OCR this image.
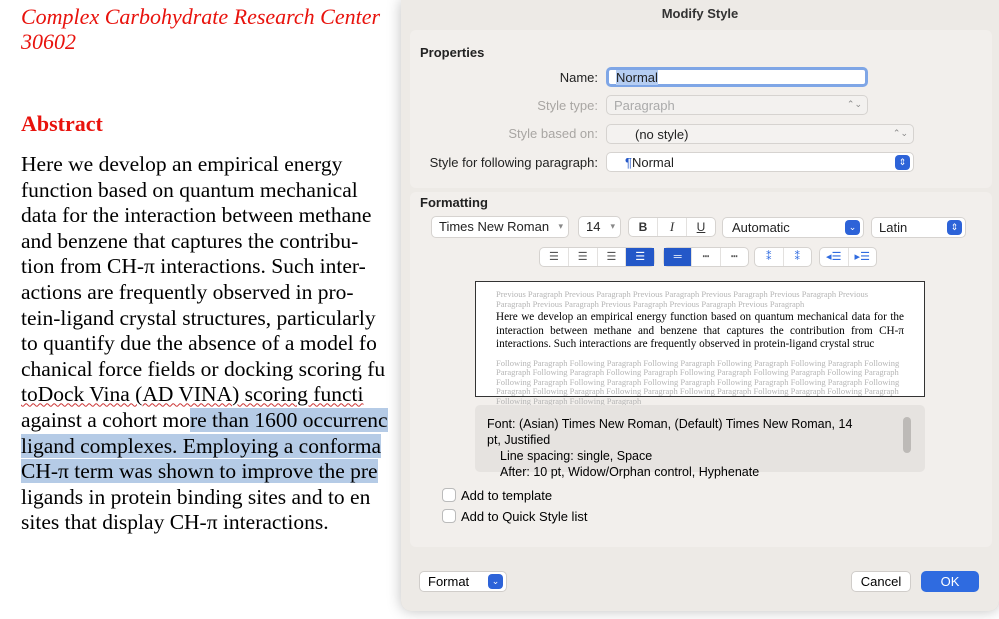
Complex Carbohydrate Research Center
30602
Abstract
Here we develop an empirical energy
function based on quantum mechanical
data for the interaction between methane
and benzene that captures the contribu-
tion from CH-π interactions. Such inter-
actions are frequently observed in pro-
tein-ligand crystal structures, particularly
to quantify due the absence of a model fo
chanical force fields or docking scoring fu
toDock Vina (AD VINA) scoring functi
against a cohort more than 1600 occurrenc
ligand complexes. Employing a conforma
CH-π term was shown to improve the pre
ligands in protein binding sites and to en
sites that display CH-π interactions.
Modify Style
Properties
Name:	Normal
Style type:	Paragraph	⌃⌄
Style based on:	(no style)	⌃⌄
Style for following paragraph:	¶Normal	⇕
Formatting
Times New Roman ▾	14 ▾	B	I	U	Automatic	⌄	Latin	⇕
☰	☰	☰	☰	═	┅	┅	⁑	⁑	◂☰	▸☰
Previous Paragraph Previous Paragraph Previous Paragraph Previous Paragraph Previous Paragraph Previous Paragraph Previous Paragraph Previous Paragraph Previous Paragraph Previous Paragraph
Here we develop an empirical energy function based on quantum mechanical data for the interaction between methane and benzene that captures the contribution from CH-π interactions. Such interactions are frequently observed in protein-ligand crystal struc
Following Paragraph Following Paragraph Following Paragraph Following Paragraph Following Paragraph Following Paragraph Following Paragraph Following Paragraph Following Paragraph Following Paragraph Following Paragraph Following Paragraph Following Paragraph Following Paragraph Following Paragraph Following Paragraph Following Paragraph Following Paragraph Following Paragraph Following Paragraph Following Paragraph Following Paragraph Following Paragraph Following Paragraph
Font: (Asian) Times New Roman, (Default) Times New Roman, 14 pt, Justified
Line spacing: single, Space
After: 10 pt, Widow/Orphan control, Hyphenate
Add to template
Add to Quick Style list
Format	⌄	Cancel	OK
